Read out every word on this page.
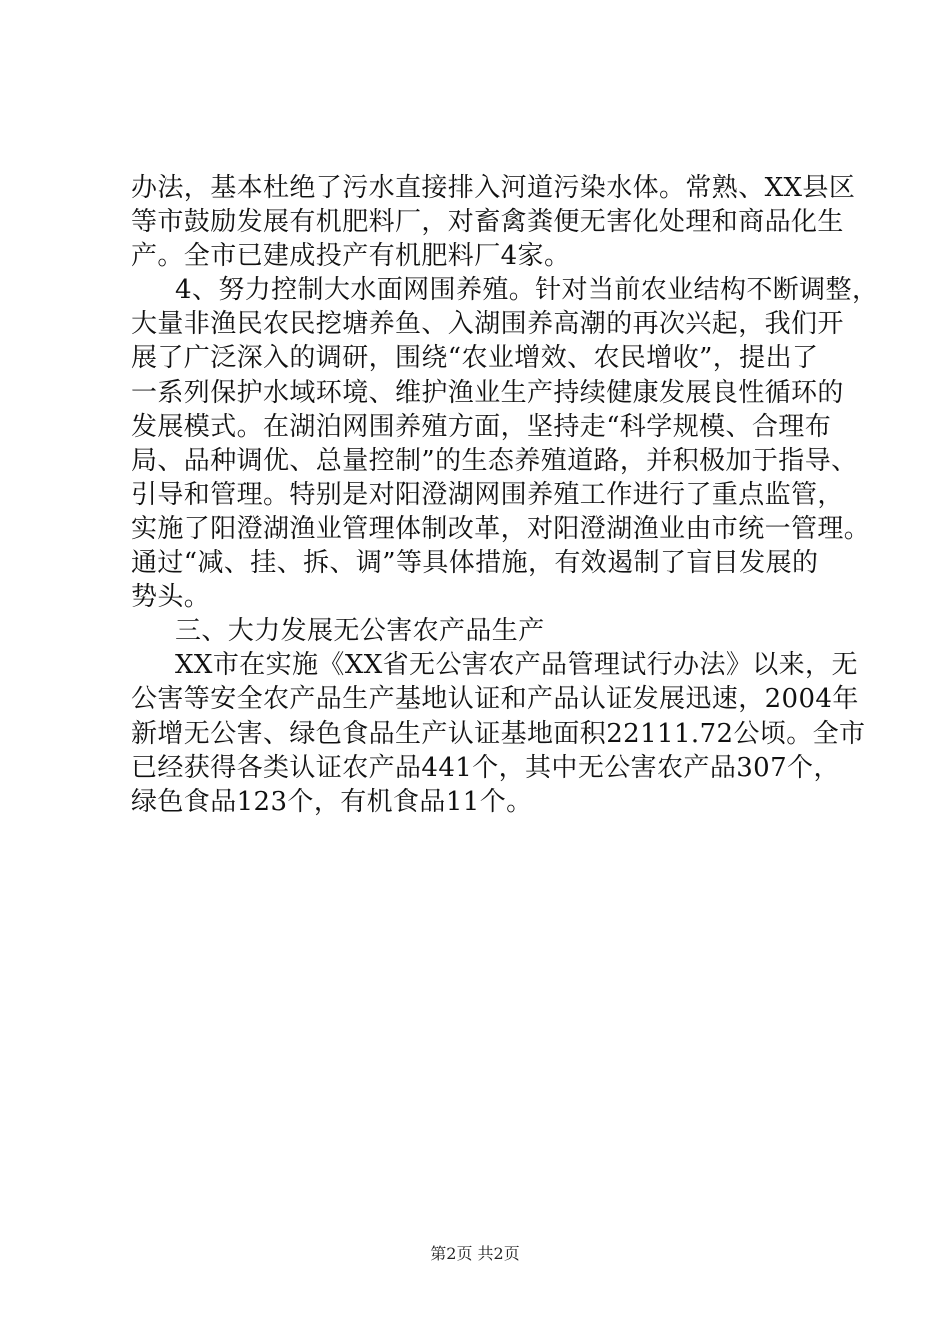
办法，基本杜绝了污水直接排入河道污染水体。常熟、XX县区
等市鼓励发展有机肥料厂，对畜禽粪便无害化处理和商品化生
产。全市已建成投产有机肥料厂4家。
4、努力控制大水面网围养殖。针对当前农业结构不断调整，
大量非渔民农民挖塘养鱼、入湖围养高潮的再次兴起，我们开
展了广泛深入的调研，围绕“农业增效、农民增收”，提出了
一系列保护水域环境、维护渔业生产持续健康发展良性循环的
发展模式。在湖泊网围养殖方面，坚持走“科学规模、合理布
局、品种调优、总量控制”的生态养殖道路，并积极加于指导、
引导和管理。特别是对阳澄湖网围养殖工作进行了重点监管，
实施了阳澄湖渔业管理体制改革，对阳澄湖渔业由市统一管理。
通过“减、挂、拆、调”等具体措施，有效遏制了盲目发展的
势头。
三、大力发展无公害农产品生产
XX市在实施《XX省无公害农产品管理试行办法》以来，无
公害等安全农产品生产基地认证和产品认证发展迅速，2004年
新增无公害、绿色食品生产认证基地面积22111.72公顷。全市
已经获得各类认证农产品441个，其中无公害农产品307个，
绿色食品123个，有机食品11个。
第2页 共2页
